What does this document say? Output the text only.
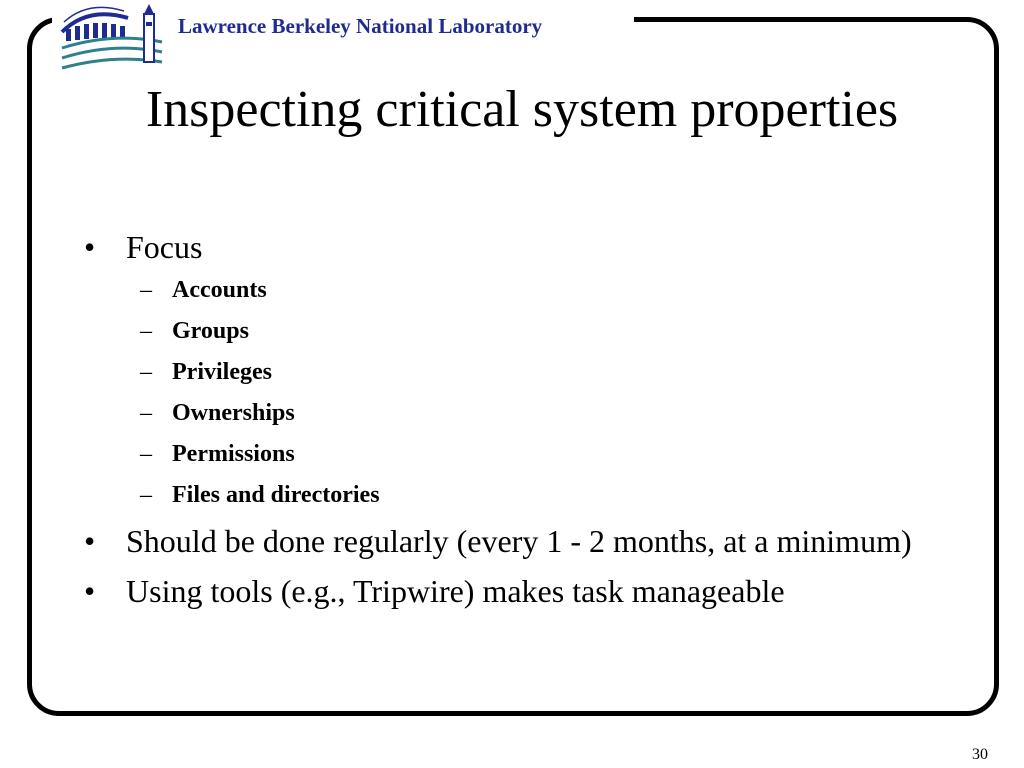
Lawrence Berkeley National Laboratory
Inspecting critical system properties
• Focus
– Accounts
– Groups
– Privileges
– Ownerships
– Permissions
– Files and directories
• Should be done regularly (every 1 - 2 months, at a minimum)
• Using tools (e.g., Tripwire) makes task manageable
30
